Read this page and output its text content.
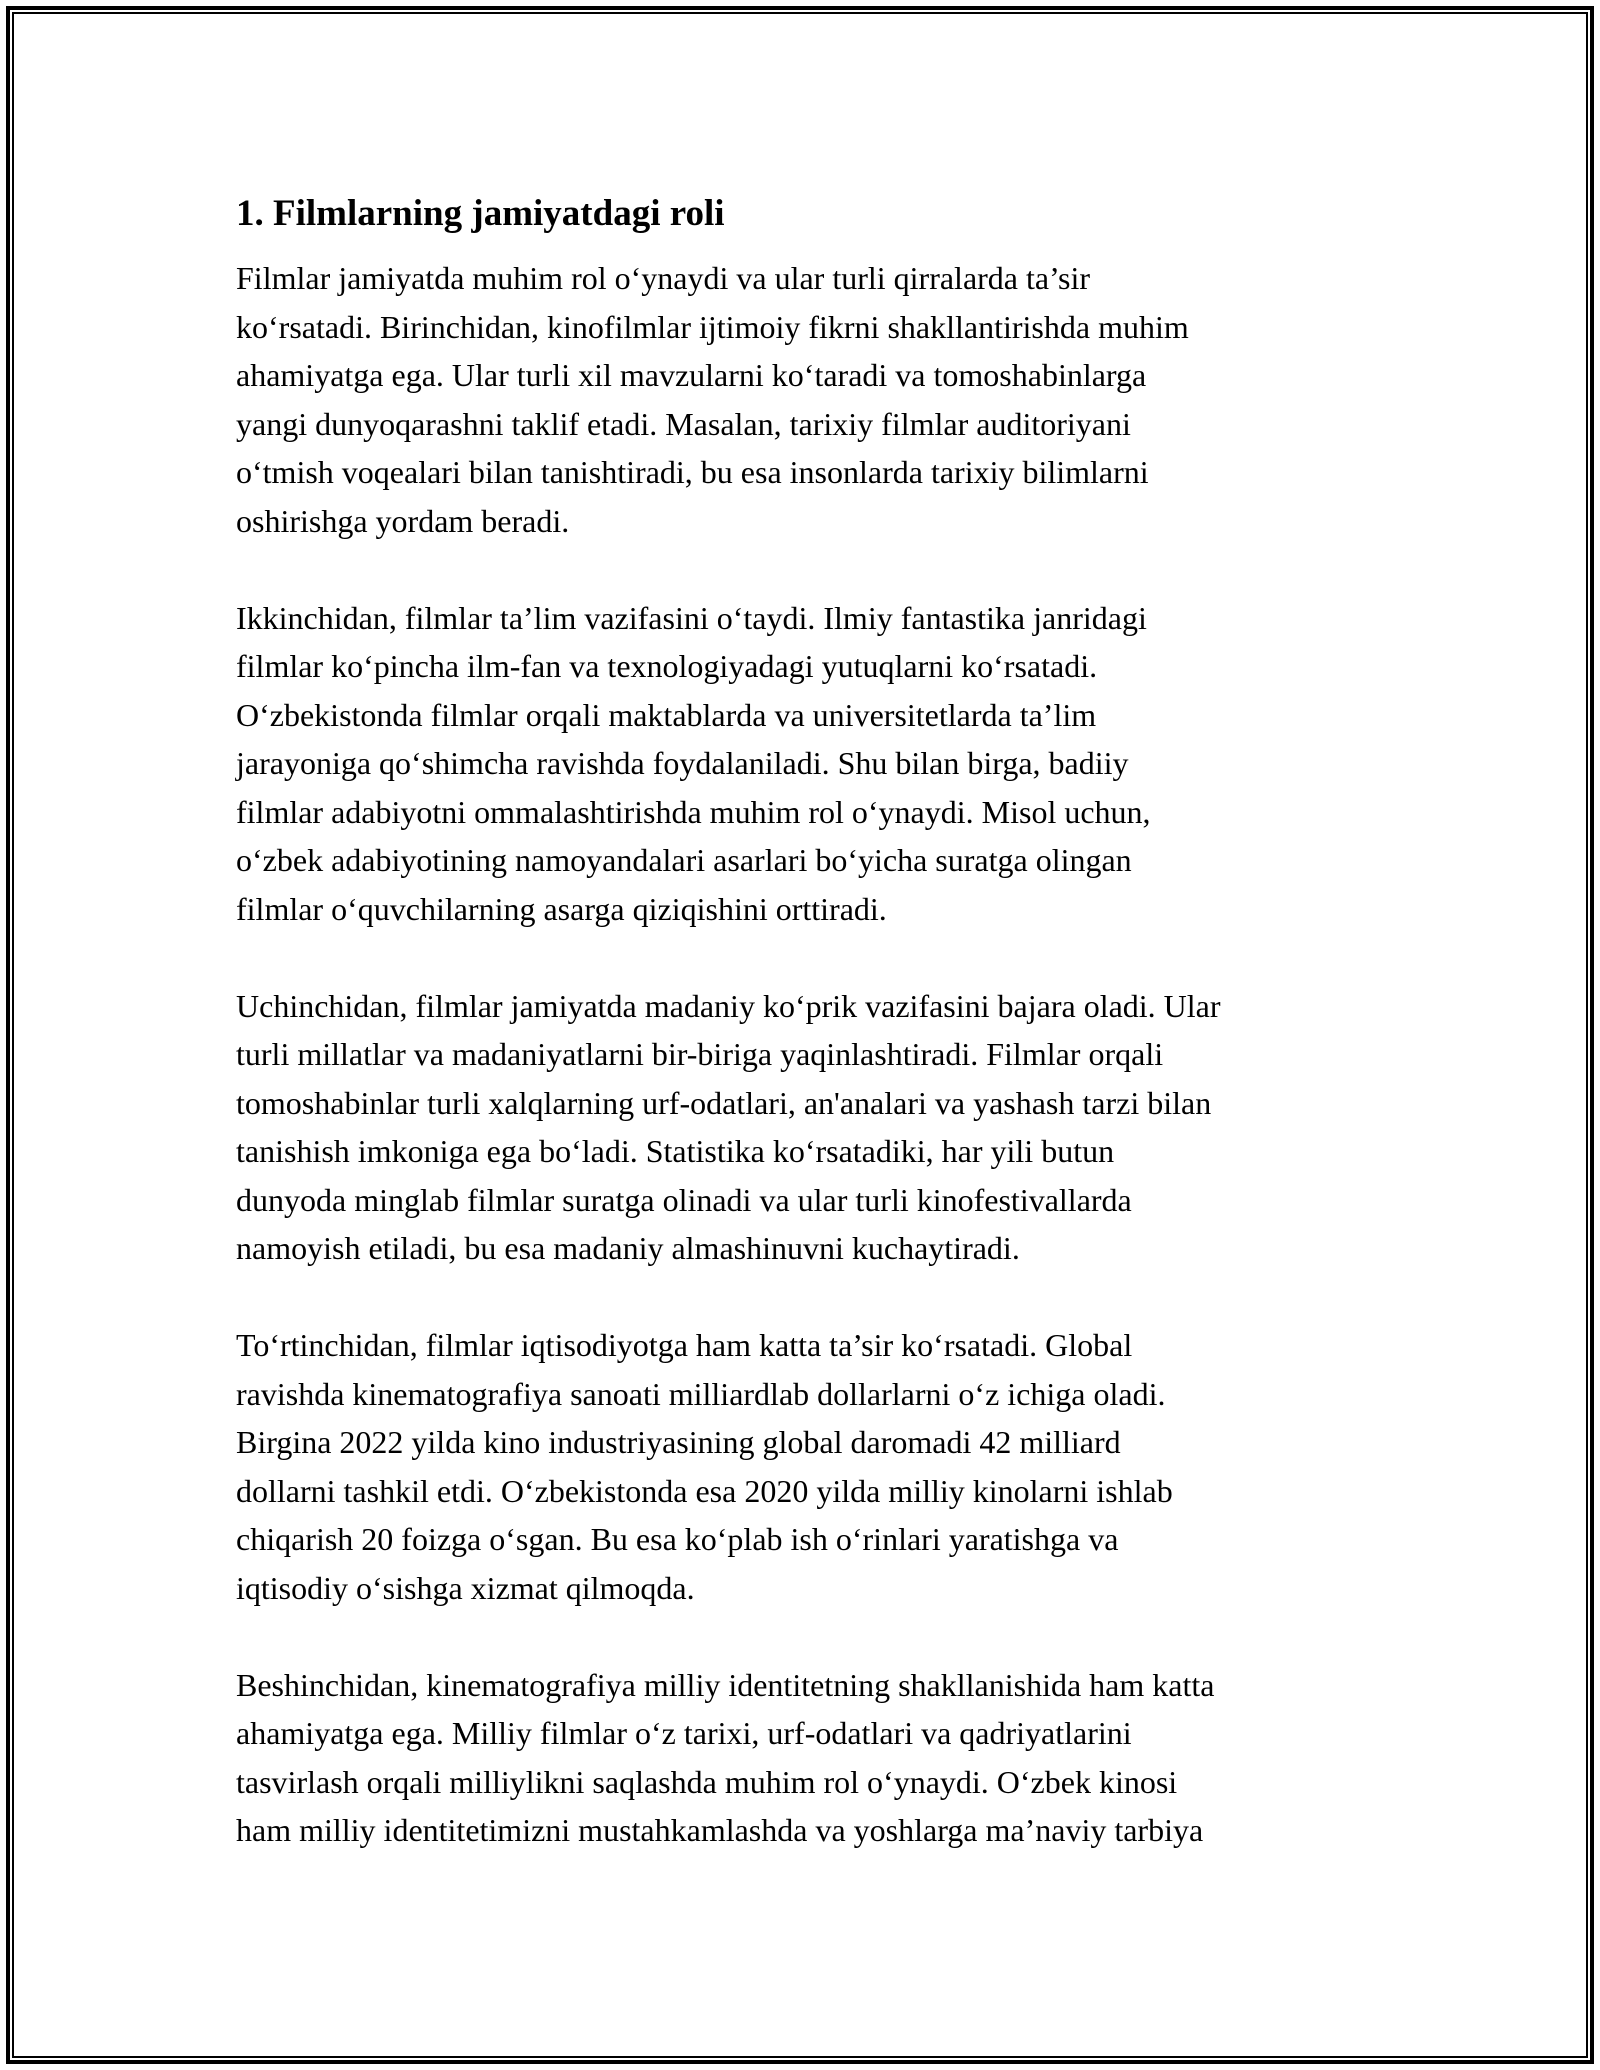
1. Filmlarning jamiyatdagi roli

Filmlar jamiyatda muhim rol o‘ynaydi va ular turli qirralarda ta’sir
ko‘rsatadi. Birinchidan, kinofilmlar ijtimoiy fikrni shakllantirishda muhim
ahamiyatga ega. Ular turli xil mavzularni ko‘taradi va tomoshabinlarga
yangi dunyoqarashni taklif etadi. Masalan, tarixiy filmlar auditoriyani
o‘tmish voqealari bilan tanishtiradi, bu esa insonlarda tarixiy bilimlarni
oshirishga yordam beradi.

Ikkinchidan, filmlar ta’lim vazifasini o‘taydi. Ilmiy fantastika janridagi
filmlar ko‘pincha ilm-fan va texnologiyadagi yutuqlarni ko‘rsatadi.
O‘zbekistonda filmlar orqali maktablarda va universitetlarda ta’lim
jarayoniga qo‘shimcha ravishda foydalaniladi. Shu bilan birga, badiiy
filmlar adabiyotni ommalashtirishda muhim rol o‘ynaydi. Misol uchun,
o‘zbek adabiyotining namoyandalari asarlari bo‘yicha suratga olingan
filmlar o‘quvchilarning asarga qiziqishini orttiradi.

Uchinchidan, filmlar jamiyatda madaniy ko‘prik vazifasini bajara oladi. Ular
turli millatlar va madaniyatlarni bir-biriga yaqinlashtiradi. Filmlar orqali
tomoshabinlar turli xalqlarning urf-odatlari, an'analari va yashash tarzi bilan
tanishish imkoniga ega bo‘ladi. Statistika ko‘rsatadiki, har yili butun
dunyoda minglab filmlar suratga olinadi va ular turli kinofestivallarda
namoyish etiladi, bu esa madaniy almashinuvni kuchaytiradi.

To‘rtinchidan, filmlar iqtisodiyotga ham katta ta’sir ko‘rsatadi. Global
ravishda kinematografiya sanoati milliardlab dollarlarni o‘z ichiga oladi.
Birgina 2022 yilda kino industriyasining global daromadi 42 milliard
dollarni tashkil etdi. O‘zbekistonda esa 2020 yilda milliy kinolarni ishlab
chiqarish 20 foizga o‘sgan. Bu esa ko‘plab ish o‘rinlari yaratishga va
iqtisodiy o‘sishga xizmat qilmoqda.

Beshinchidan, kinematografiya milliy identitetning shakllanishida ham katta
ahamiyatga ega. Milliy filmlar o‘z tarixi, urf-odatlari va qadriyatlarini
tasvirlash orqali milliylikni saqlashda muhim rol o‘ynaydi. O‘zbek kinosi
ham milliy identitetimizni mustahkamlashda va yoshlarga ma’naviy tarbiya
